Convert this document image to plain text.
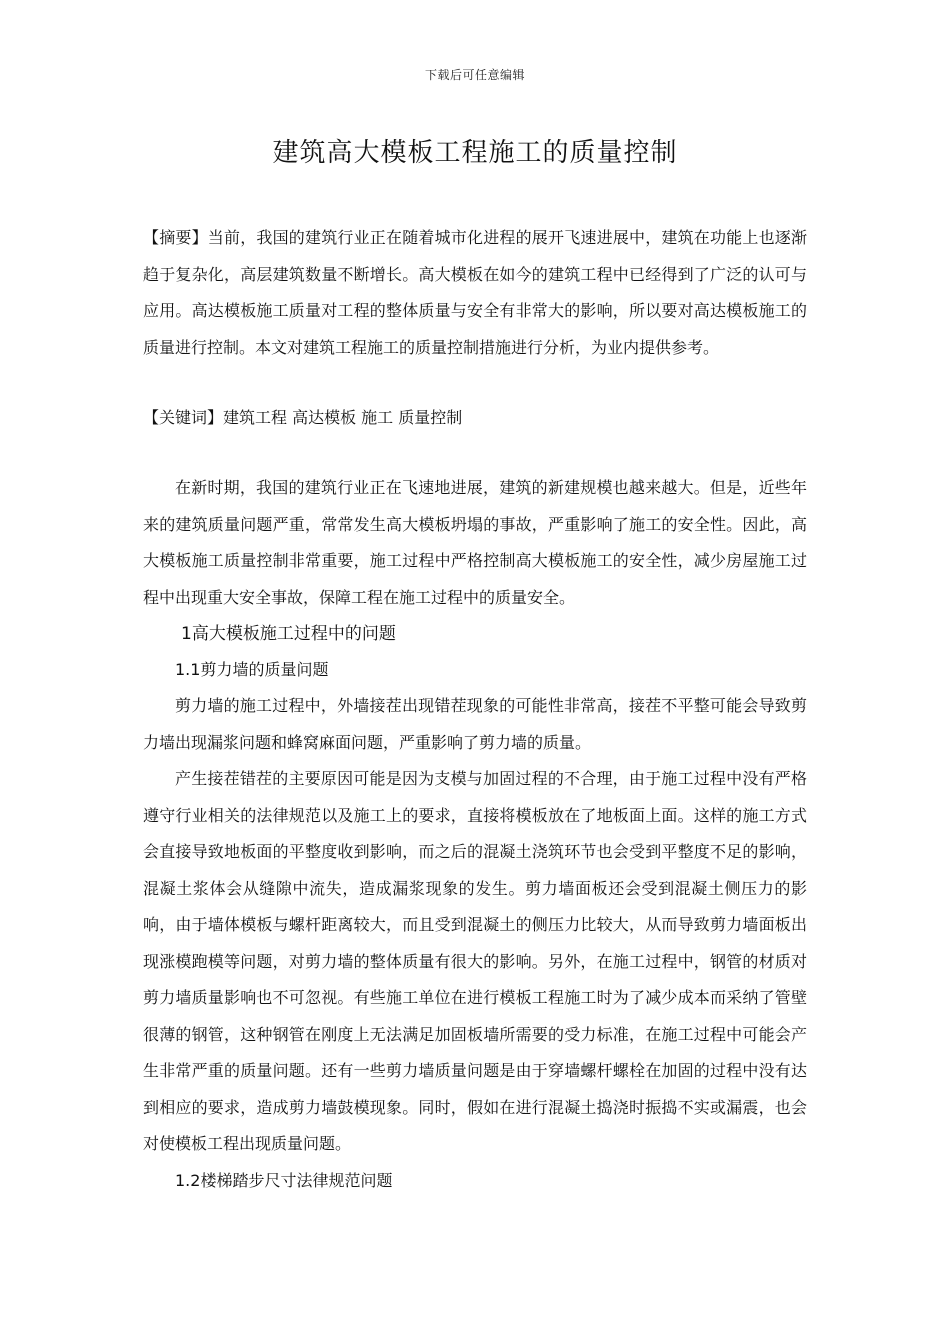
下载后可任意编辑
建筑高大模板工程施工的质量控制

【摘要】当前，我国的建筑行业正在随着城市化进程的展开飞速进展中，建筑在功能上也逐渐趋于复杂化，高层建筑数量不断增长。高大模板在如今的建筑工程中已经得到了广泛的认可与应用。高达模板施工质量对工程的整体质量与安全有非常大的影响，所以要对高达模板施工的质量进行控制。本文对建筑工程施工的质量控制措施进行分析，为业内提供参考。

【关键词】建筑工程 高达模板 施工 质量控制

在新时期，我国的建筑行业正在飞速地进展，建筑的新建规模也越来越大。但是，近些年来的建筑质量问题严重，常常发生高大模板坍塌的事故，严重影响了施工的安全性。因此，高大模板施工质量控制非常重要，施工过程中严格控制高大模板施工的安全性，减少房屋施工过程中出现重大安全事故，保障工程在施工过程中的质量安全。

1高大模板施工过程中的问题

1.1剪力墙的质量问题

剪力墙的施工过程中，外墙接茬出现错茬现象的可能性非常高，接茬不平整可能会导致剪力墙出现漏浆问题和蜂窝麻面问题，严重影响了剪力墙的质量。

产生接茬错茬的主要原因可能是因为支模与加固过程的不合理，由于施工过程中没有严格遵守行业相关的法律规范以及施工上的要求，直接将模板放在了地板面上面。这样的施工方式会直接导致地板面的平整度收到影响，而之后的混凝土浇筑环节也会受到平整度不足的影响，混凝土浆体会从缝隙中流失，造成漏浆现象的发生。剪力墙面板还会受到混凝土侧压力的影响，由于墙体模板与螺杆距离较大，而且受到混凝土的侧压力比较大，从而导致剪力墙面板出现涨模跑模等问题，对剪力墙的整体质量有很大的影响。另外，在施工过程中，钢管的材质对剪力墙质量影响也不可忽视。有些施工单位在进行模板工程施工时为了减少成本而采纳了管壁很薄的钢管，这种钢管在刚度上无法满足加固板墙所需要的受力标准，在施工过程中可能会产生非常严重的质量问题。还有一些剪力墙质量问题是由于穿墙螺杆螺栓在加固的过程中没有达到相应的要求，造成剪力墙鼓模现象。同时，假如在进行混凝土捣浇时振捣不实或漏震，也会对使模板工程出现质量问题。

1.2楼梯踏步尺寸法律规范问题
